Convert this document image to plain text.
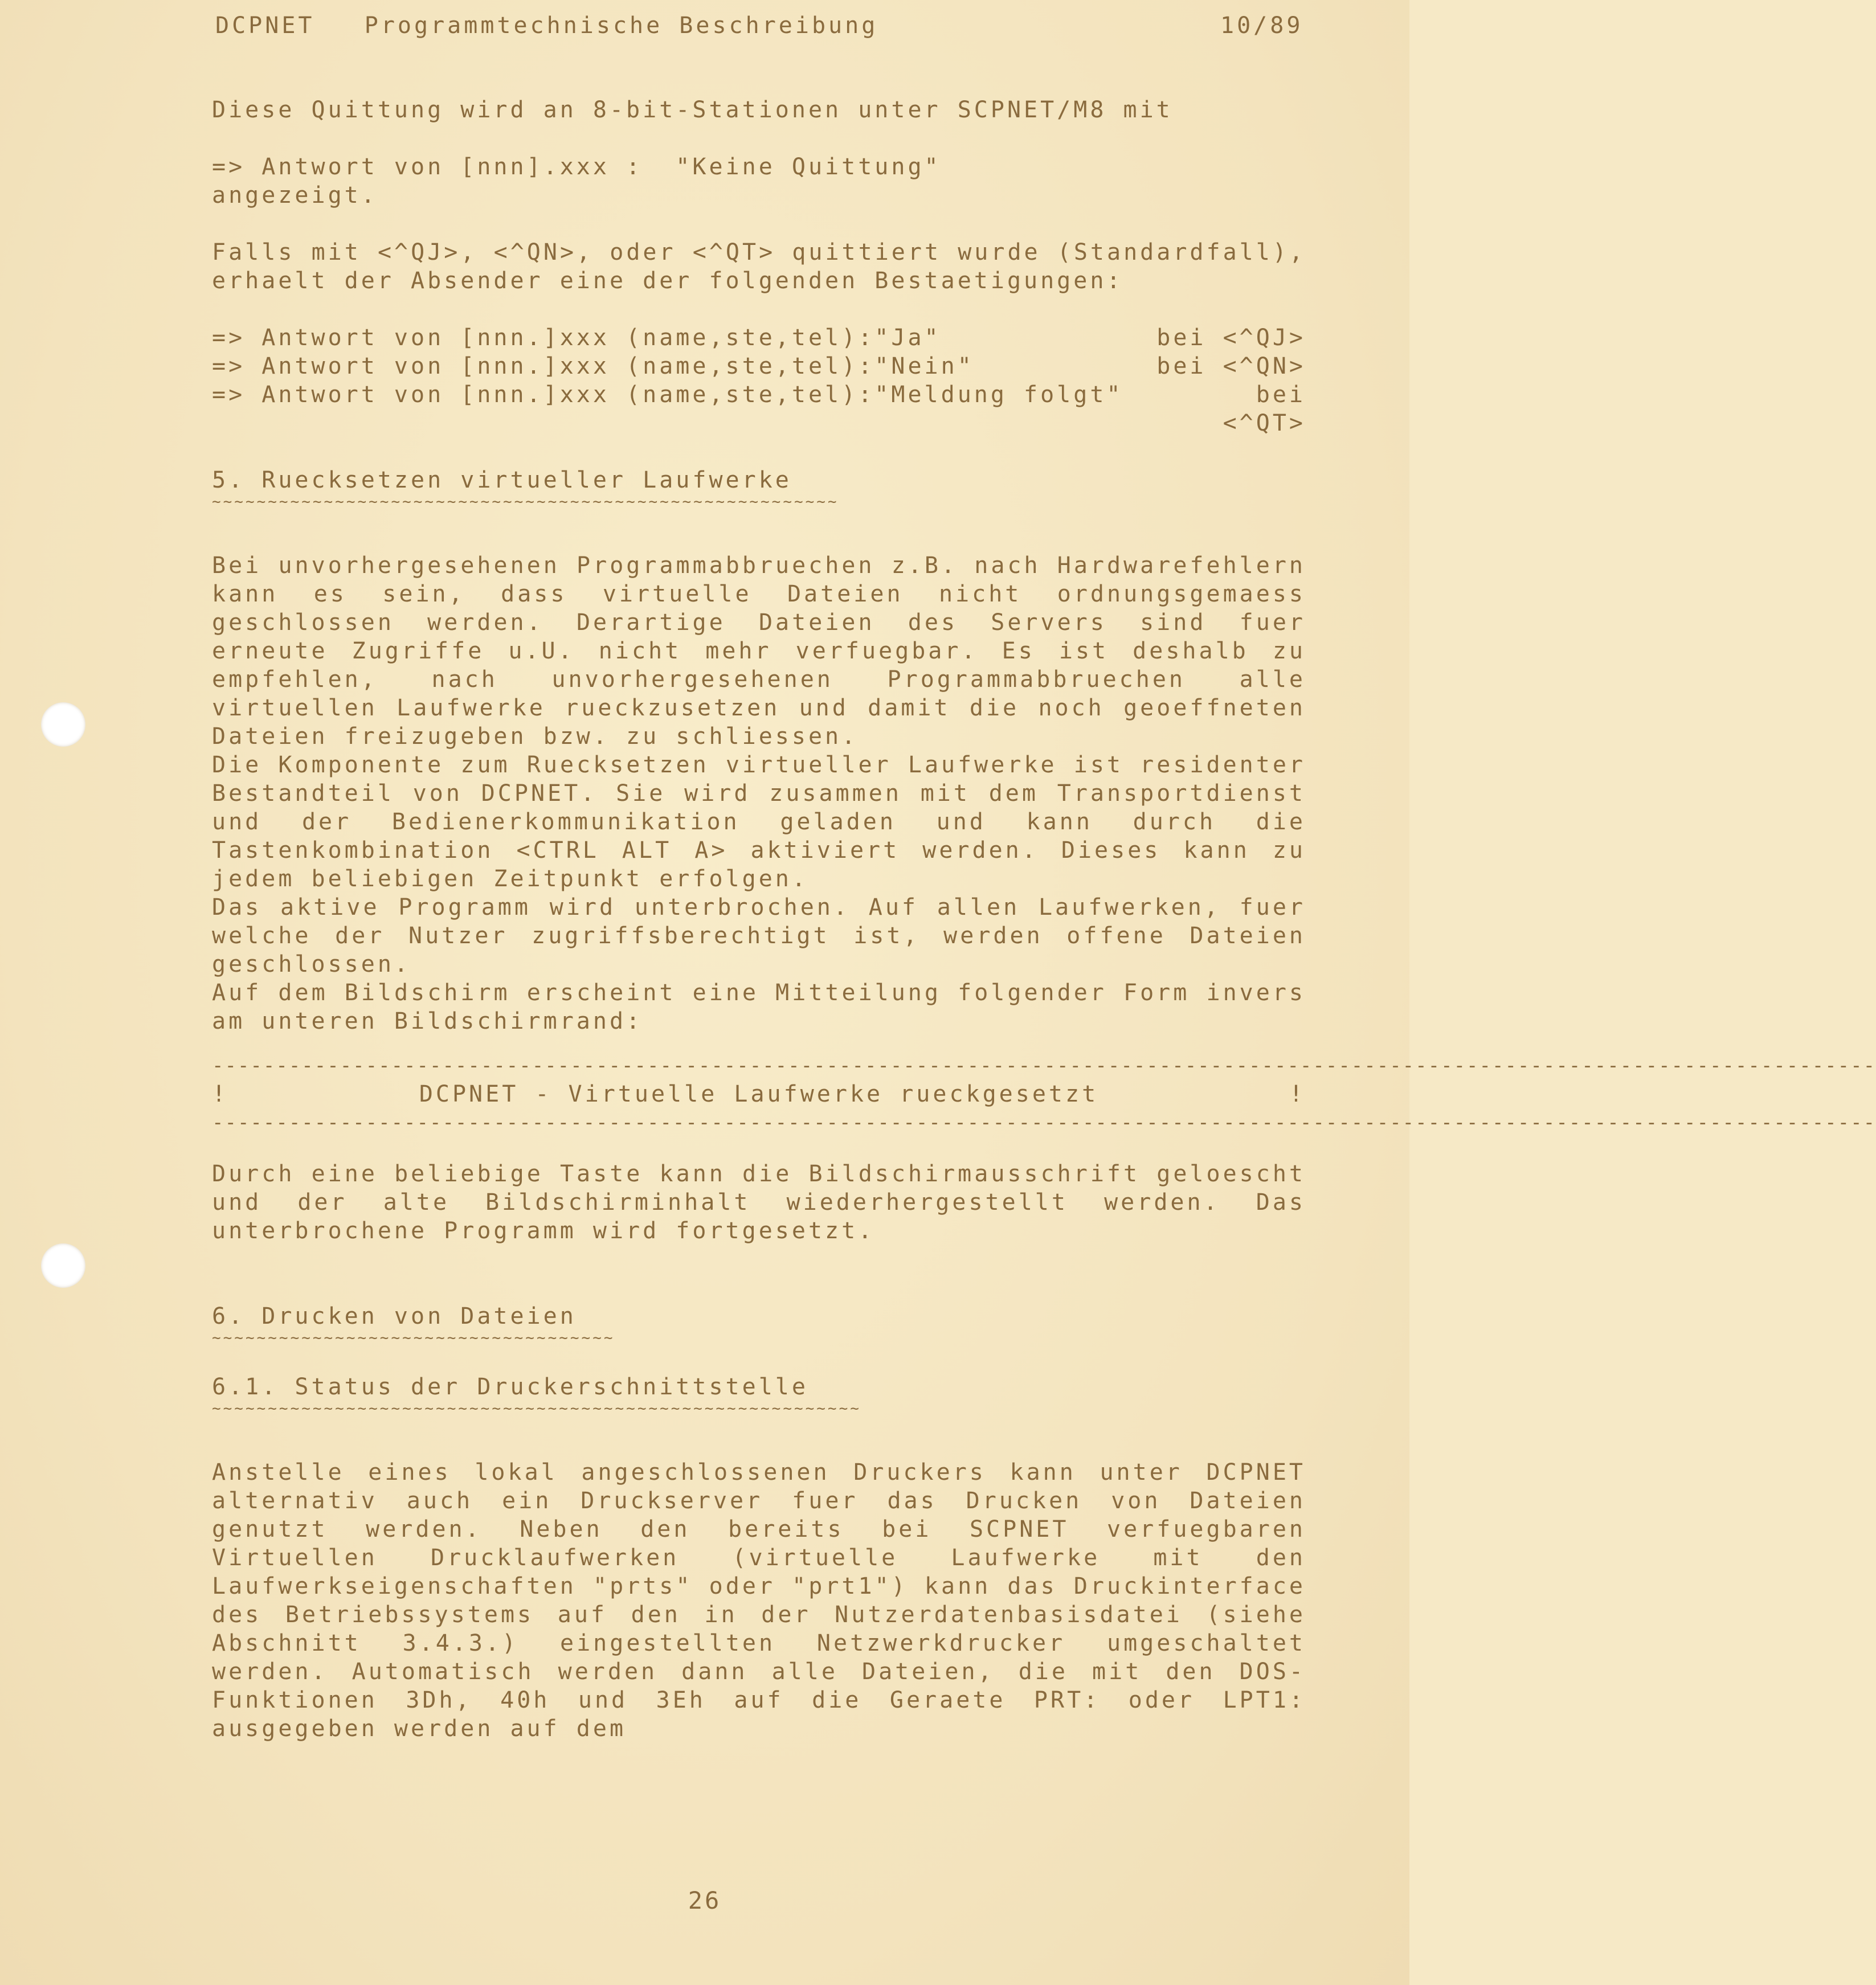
DCPNET   Programmtechnische Beschreibung	10/89
Diese Quittung wird an 8-bit-Stationen unter SCPNET/M8 mit
=> Antwort von [nnn].xxx :  "Keine Quittung"
angezeigt.

Falls mit <^QJ>, <^QN>, oder <^QT> quittiert wurde (Standardfall), erhaelt der Absender eine der folgenden Bestaetigungen:

=> Antwort von [nnn.]xxx (name,ste,tel):"Ja"	bei <^QJ>
=> Antwort von [nnn.]xxx (name,ste,tel):"Nein"	bei <^QN>
=> Antwort von [nnn.]xxx (name,ste,tel):"Meldung folgt"	bei
<^QT>
5. Ruecksetzen virtueller Laufwerke
~~~~~~~~~~~~~~~~~~~~~~~~~~~~~~~~~~~~~~~~~~~~~~~~~~~~~~~~

Bei unvorhergesehenen Programmabbruechen z.B. nach Hardwarefehlern kann es sein, dass virtuelle Dateien nicht ordnungsgemaess geschlossen werden. Derartige Dateien des Servers sind fuer erneute Zugriffe u.U. nicht mehr verfuegbar. Es ist deshalb zu empfehlen, nach unvorhergesehenen Programmabbruechen alle virtuellen Laufwerke rueckzusetzen und damit die noch geoeffneten Dateien freizugeben bzw. zu schliessen.

Die Komponente zum Ruecksetzen virtueller Laufwerke ist residenter Bestandteil von DCPNET. Sie wird zusammen mit dem Transportdienst und der Bedienerkommunikation geladen und kann durch die Tastenkombination <CTRL ALT A> aktiviert werden. Dieses kann zu jedem beliebigen Zeitpunkt erfolgen.

Das aktive Programm wird unterbrochen. Auf allen Laufwerken, fuer welche der Nutzer zugriffsberechtigt ist, werden offene Dateien geschlossen.

Auf dem Bildschirm erscheint eine Mitteilung folgender Form invers am unteren Bildschirmrand:

----------------------------------------------------------------------------------------------------------------------------------
!	DCPNET - Virtuelle Laufwerke rueckgesetzt	!
----------------------------------------------------------------------------------------------------------------------------------

Durch eine beliebige Taste kann die Bildschirmausschrift geloescht und der alte Bildschirminhalt wiederhergestellt werden. Das unterbrochene Programm wird fortgesetzt.

6. Drucken von Dateien
~~~~~~~~~~~~~~~~~~~~~~~~~~~~~~~~~~~~
6.1. Status der Druckerschnittstelle
~~~~~~~~~~~~~~~~~~~~~~~~~~~~~~~~~~~~~~~~~~~~~~~~~~~~~~~~~~

Anstelle eines lokal angeschlossenen Druckers kann unter DCPNET alternativ auch ein Druckserver fuer das Drucken von Dateien genutzt werden. Neben den bereits bei SCPNET verfuegbaren Virtuellen Drucklaufwerken (virtuelle Laufwerke mit den Laufwerkseigenschaften "prts" oder "prt1") kann das Druckinterface des Betriebssystems auf den in der Nutzerdatenbasisdatei (siehe Abschnitt 3.4.3.) eingestellten Netzwerkdrucker umgeschaltet werden. Automatisch werden dann alle Dateien, die mit den DOS-Funktionen 3Dh, 40h und 3Eh auf die Geraete PRT: oder LPT1: ausgegeben werden auf dem

26
